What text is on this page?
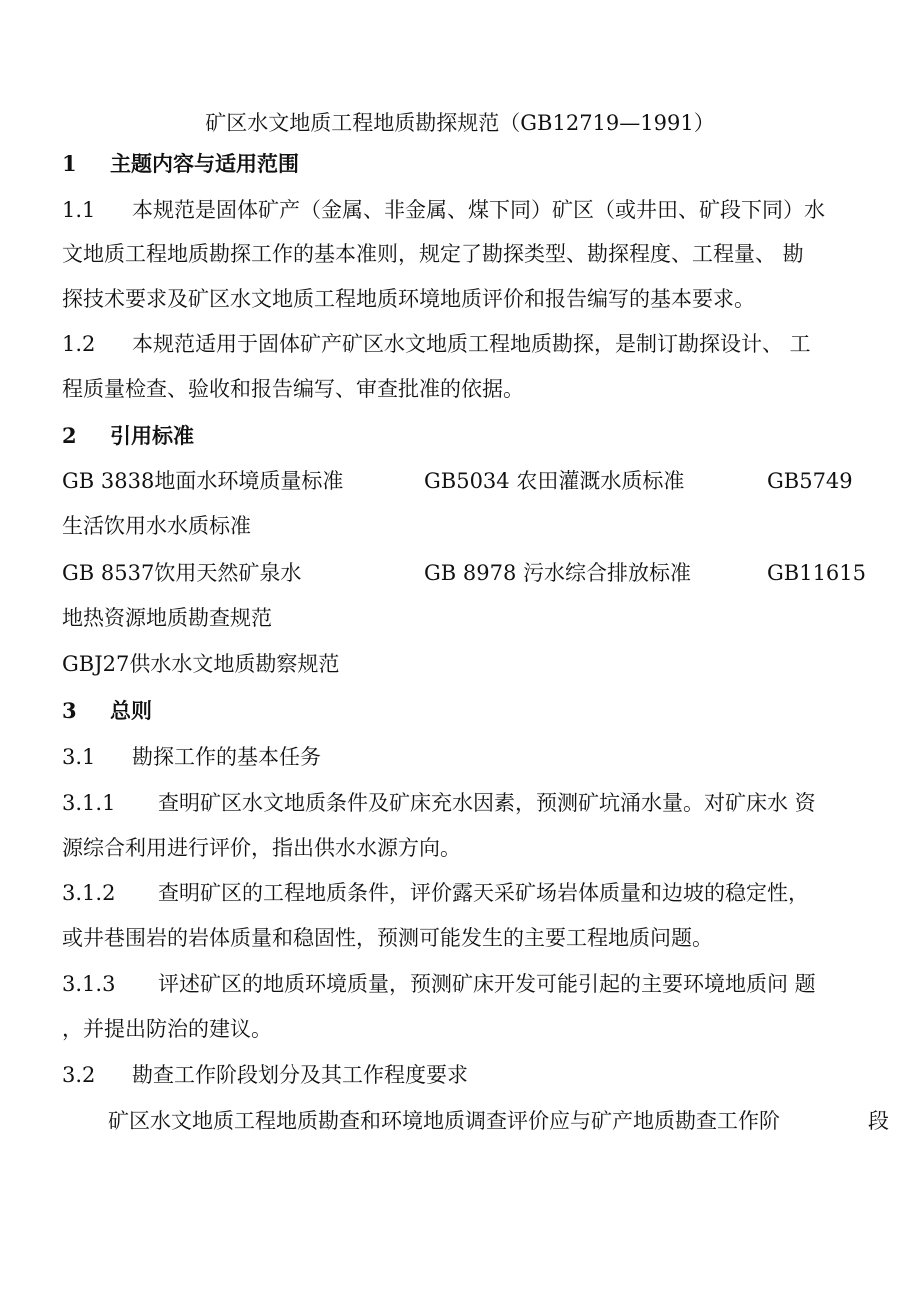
矿区水文地质工程地质勘探规范（GB12719—1991）
1 主题内容与适用范围
1.1 本规范是固体矿产（金属、非金属、煤下同）矿区（或井田、矿段下同）水
文地质工程地质勘探工作的基本准则，规定了勘探类型、勘探程度、工程量、 勘
探技术要求及矿区水文地质工程地质环境地质评价和报告编写的基本要求。
1.2 本规范适用于固体矿产矿区水文地质工程地质勘探，是制订勘探设计、 工
程质量检查、验收和报告编写、审查批准的依据。
2 引用标准
GB 3838地面水环境质量标准	GB5034 农田灌溉水质标准	GB5749
生活饮用水水质标准
GB 8537饮用天然矿泉水	GB 8978 污水综合排放标准	GB11615
地热资源地质勘查规范
GBJ27供水水文地质勘察规范
3 总则
3.1 勘探工作的基本任务
3.1.1 查明矿区水文地质条件及矿床充水因素，预测矿坑涌水量。对矿床水 资
源综合利用进行评价，指出供水水源方向。
3.1.2 查明矿区的工程地质条件，评价露天采矿场岩体质量和边坡的稳定性，
或井巷围岩的岩体质量和稳固性，预测可能发生的主要工程地质问题。
3.1.3 评述矿区的地质环境质量，预测矿床开发可能引起的主要环境地质问 题
，并提出防治的建议。
3.2 勘查工作阶段划分及其工作程度要求
矿区水文地质工程地质勘查和环境地质调查评价应与矿产地质勘查工作阶	段
